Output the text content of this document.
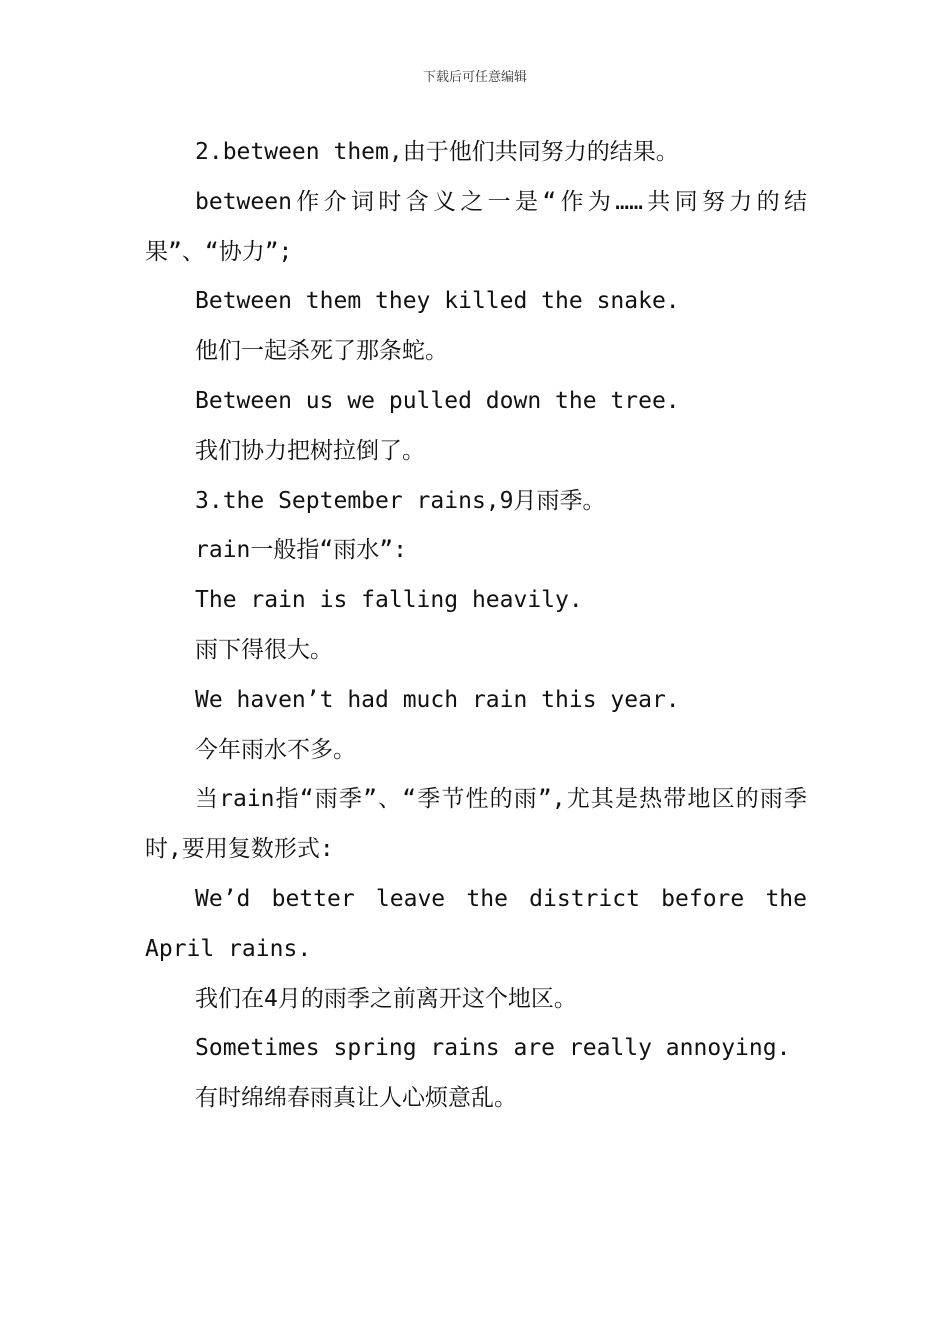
下载后可任意编辑

2.between them,由于他们共同努力的结果。

between作介词时含义之一是“作为……共同努力的结果”、“协力”;

Between them they killed the snake.

他们一起杀死了那条蛇。

Between us we pulled down the tree.

我们协力把树拉倒了。

3.the September rains,9月雨季。

rain一般指“雨水”:

The rain is falling heavily.

雨下得很大。

We haven’t had much rain this year.

今年雨水不多。

当rain指“雨季”、“季节性的雨”,尤其是热带地区的雨季时,要用复数形式:

We’d better leave the district before the April rains.

我们在4月的雨季之前离开这个地区。

Sometimes spring rains are really annoying.

有时绵绵春雨真让人心烦意乱。
